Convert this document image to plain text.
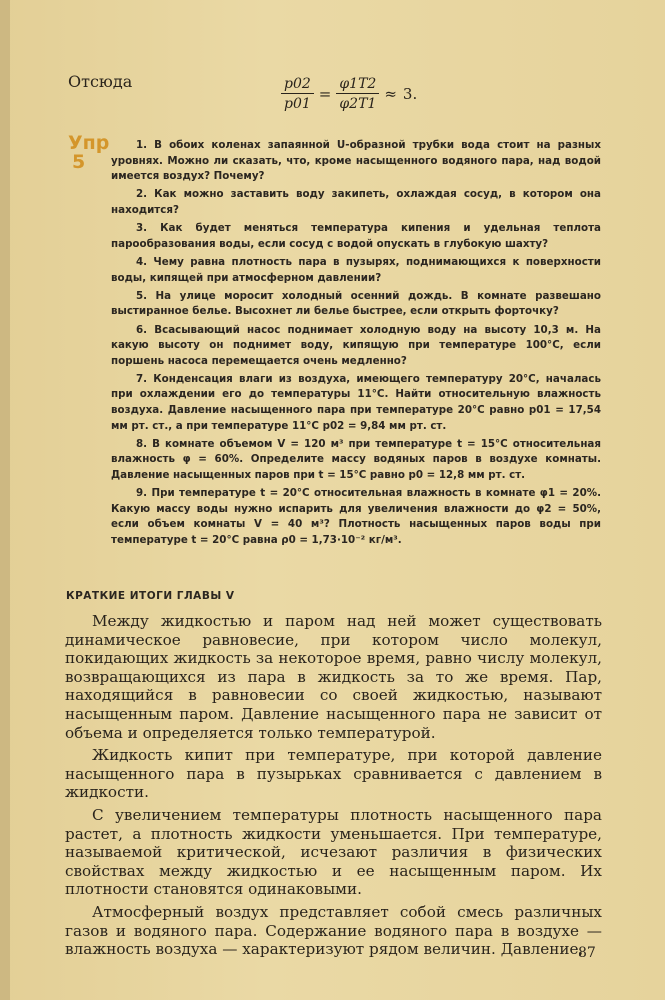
Отсюда	$\frac{p02}{p01} = \frac{\varphi 1T2}{\varphi 2T1} \approx 3$.
Упр
5

1. В обоих коленах запаянной U-образной трубки вода стоит на разных уровнях. Можно ли сказать, что, кроме насыщенного водяного пара, над водой имеется воздух? Почему?

2. Как можно заставить воду закипеть, охлаждая сосуд, в котором она находится?

3. Как будет меняться температура кипения и удельная теплота парообразования воды, если сосуд с водой опускать в глубокую шахту?

4. Чему равна плотность пара в пузырях, поднимающихся к поверхности воды, кипящей при атмосферном давлении?

5. На улице моросит холодный осенний дождь. В комнате развешано выстиранное белье. Высохнет ли белье быстрее, если открыть форточку?

6. Всасывающий насос поднимает холодную воду на высоту 10,3 м. На какую высоту он поднимет воду, кипящую при температуре 100°С, если поршень насоса перемещается очень медленно?

7. Конденсация влаги из воздуха, имеющего температуру 20°С, началась при охлаждении его до температуры 11°С. Найти относительную влажность воздуха. Давление насыщенного пара при температуре 20°С равно p01 = 17,54 мм рт. ст., а при температуре 11°С p02 = 9,84 мм рт. ст.

8. В комнате объемом V = 120 м³ при температуре t = 15°С относительная влажность φ = 60%. Определите массу водяных паров в воздухе комнаты. Давление насыщенных паров при t = 15°С равно p0 = 12,8 мм рт. ст.

9. При температуре t = 20°С относительная влажность в комнате φ1 = 20%. Какую массу воды нужно испарить для увеличения влажности до φ2 = 50%, если объем комнаты V = 40 м³? Плотность насыщенных паров воды при температуре t = 20°С равна ρ0 = 1,73·10⁻² кг/м³.

КРАТКИЕ ИТОГИ ГЛАВЫ V

Между жидкостью и паром над ней может существовать динамическое равновесие, при котором число молекул, покидающих жидкость за некоторое время, равно числу молекул, возвращающихся из пара в жидкость за то же время. Пар, находящийся в равновесии со своей жидкостью, называют насыщенным паром. Давление насыщенного пара не зависит от объема и определяется только температурой.

Жидкость кипит при температуре, при которой давление насыщенного пара в пузырьках сравнивается с давлением в жидкости.

С увеличением температуры плотность насыщенного пара растет, а плотность жидкости уменьшается. При температуре, называемой критической, исчезают различия в физических свойствах между жидкостью и ее насыщенным паром. Их плотности становятся одинаковыми.

Атмосферный воздух представляет собой смесь различных газов и водяного пара. Содержание водяного пара в воздухе — влажность воздуха — характеризуют рядом величин. Давление,

87
